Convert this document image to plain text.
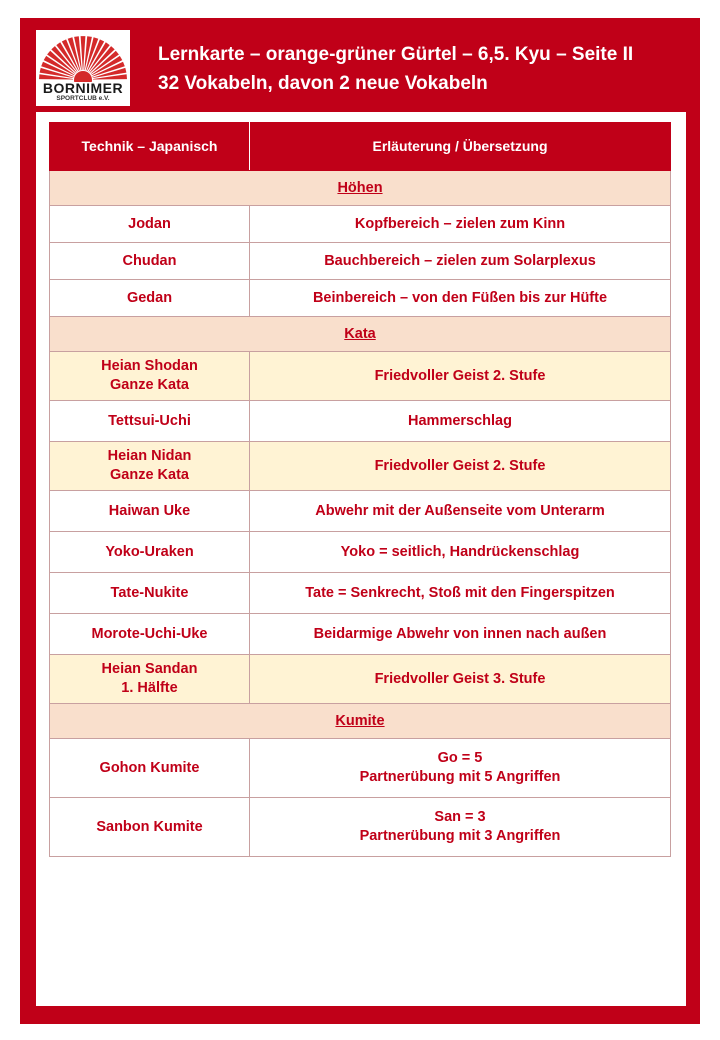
BORNIMER
SPORTCLUB e.V.
Lernkarte – orange-grüner Gürtel – 6,5. Kyu – Seite II
32 Vokabeln, davon 2 neue Vokabeln
Technik – Japanisch	Erläuterung / Übersetzung
Höhen	

Jodan	Kopfbereich – zielen zum Kinn

Chudan	Bauchbereich – zielen zum Solarplexus

Gedan	Beinbereich – von den Füßen bis zur Hüfte

Kata	

Heian Shodan
Ganze Kata	Friedvoller Geist 2. Stufe

Tettsui-Uchi	Hammerschlag

Heian Nidan
Ganze Kata	Friedvoller Geist 2. Stufe

Haiwan Uke	Abwehr mit der Außenseite vom Unterarm

Yoko-Uraken	Yoko = seitlich, Handrückenschlag

Tate-Nukite	Tate = Senkrecht, Stoß mit den Fingerspitzen

Morote-Uchi-Uke	Beidarmige Abwehr von innen nach außen

Heian Sandan
1. Hälfte	Friedvoller Geist 3. Stufe

Kumite	

Gohon Kumite	Go = 5
Partnerübung mit 5 Angriffen

Sanbon Kumite	San = 3
Partnerübung mit 3 Angriffen
